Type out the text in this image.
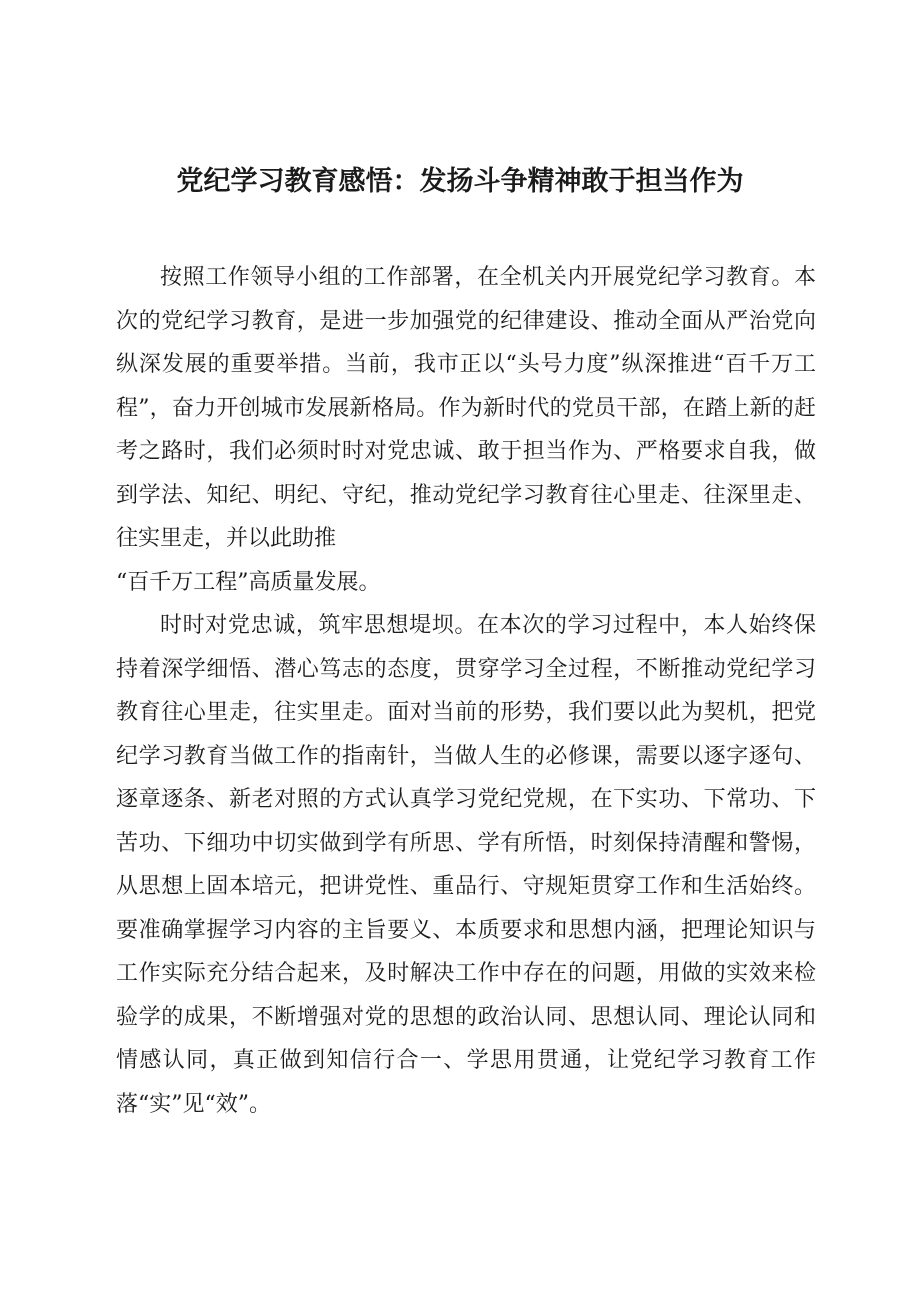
党纪学习教育感悟：发扬斗争精神敢于担当作为

按照工作领导小组的工作部署，在全机关内开展党纪学习教育。本次的党纪学习教育，是进一步加强党的纪律建设、推动全面从严治党向纵深发展的重要举措。当前，我市正以“头号力度”纵深推进“百千万工程”，奋力开创城市发展新格局。作为新时代的党员干部，在踏上新的赶考之路时，我们必须时时对党忠诚、敢于担当作为、严格要求自我，做到学法、知纪、明纪、守纪，推动党纪学习教育往心里走、往深里走、往实里走，并以此助推

“百千万工程”高质量发展。

时时对党忠诚，筑牢思想堤坝。在本次的学习过程中，本人始终保持着深学细悟、潜心笃志的态度，贯穿学习全过程，不断推动党纪学习教育往心里走，往实里走。面对当前的形势，我们要以此为契机，把党纪学习教育当做工作的指南针，当做人生的必修课，需要以逐字逐句、逐章逐条、新老对照的方式认真学习党纪党规，在下实功、下常功、下苦功、下细功中切实做到学有所思、学有所悟，时刻保持清醒和警惕，从思想上固本培元，把讲党性、重品行、守规矩贯穿工作和生活始终。要准确掌握学习内容的主旨要义、本质要求和思想内涵，把理论知识与工作实际充分结合起来，及时解决工作中存在的问题，用做的实效来检验学的成果，不断增强对党的思想的政治认同、思想认同、理论认同和情感认同，真正做到知信行合一、学思用贯通，让党纪学习教育工作落“实”见“效”。
